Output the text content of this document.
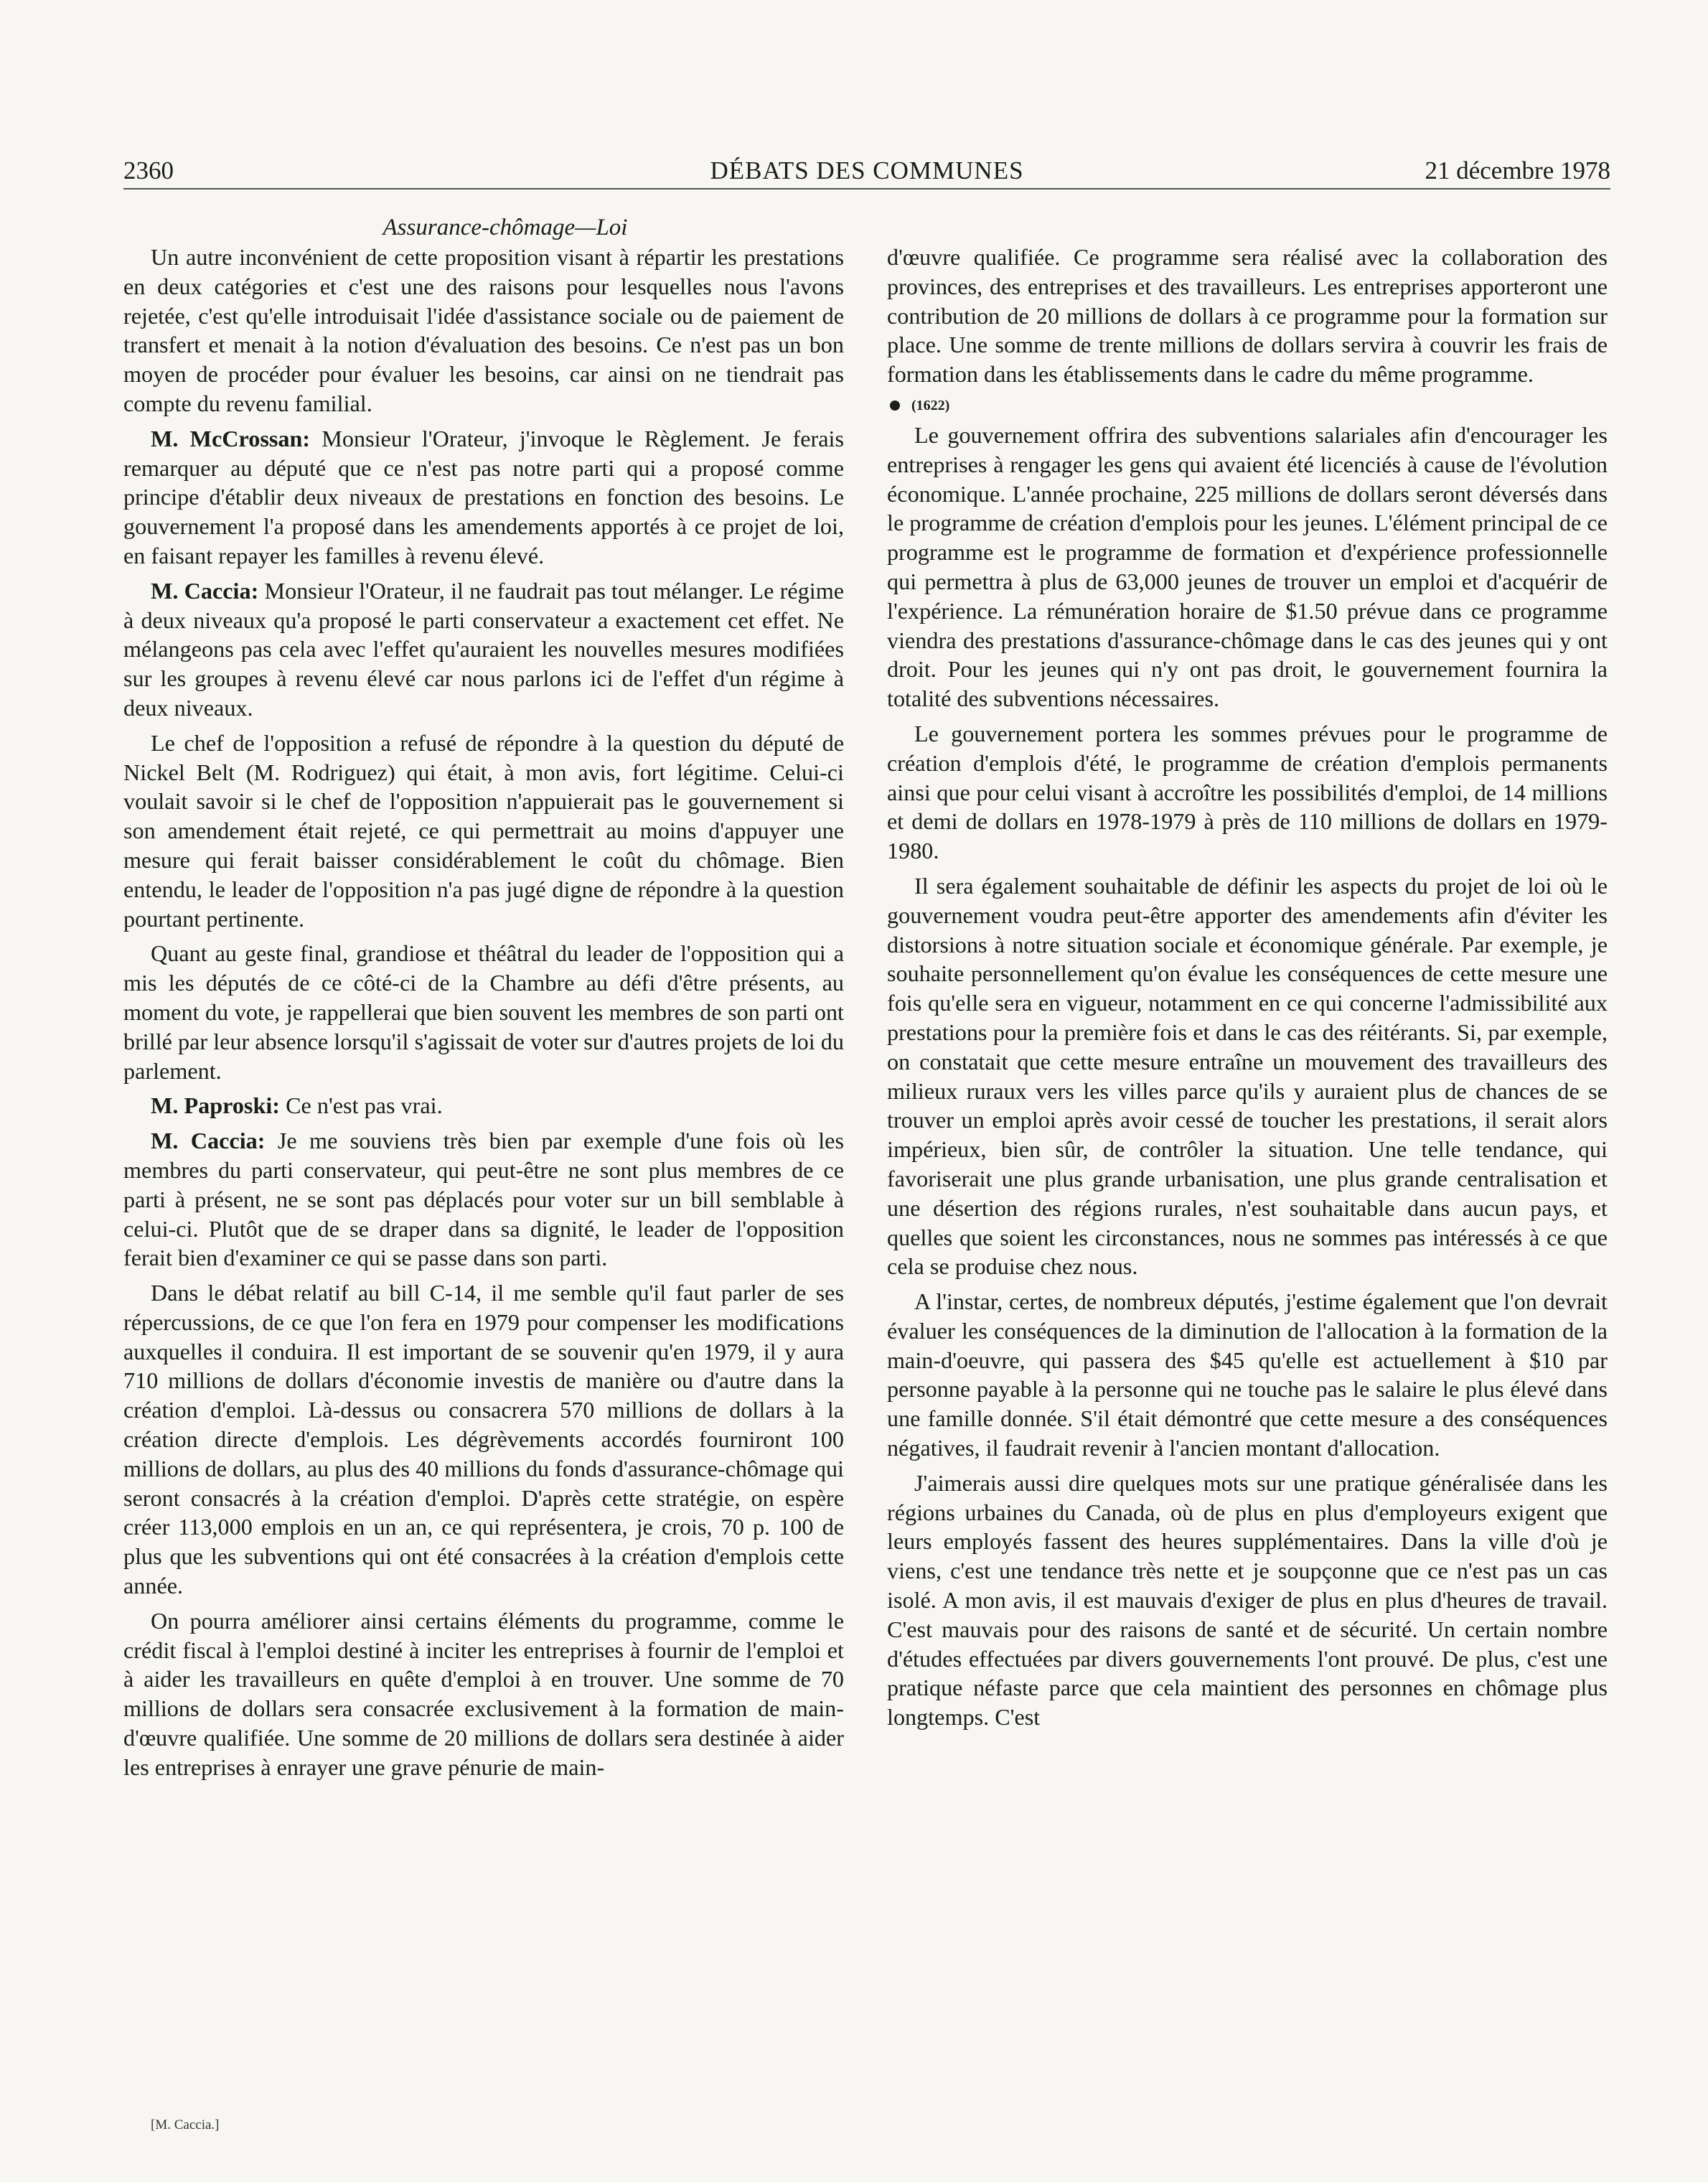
2360	DÉBATS DES COMMUNES	21 décembre 1978
Assurance-chômage—Loi

Un autre inconvénient de cette proposition visant à répartir les prestations en deux catégories et c'est une des raisons pour lesquelles nous l'avons rejetée, c'est qu'elle introduisait l'idée d'assistance sociale ou de paiement de transfert et menait à la notion d'évaluation des besoins. Ce n'est pas un bon moyen de procéder pour évaluer les besoins, car ainsi on ne tiendrait pas compte du revenu familial.

M. McCrossan: Monsieur l'Orateur, j'invoque le Règlement. Je ferais remarquer au député que ce n'est pas notre parti qui a proposé comme principe d'établir deux niveaux de prestations en fonction des besoins. Le gouvernement l'a proposé dans les amendements apportés à ce projet de loi, en faisant repayer les familles à revenu élevé.

M. Caccia: Monsieur l'Orateur, il ne faudrait pas tout mélanger. Le régime à deux niveaux qu'a proposé le parti conservateur a exactement cet effet. Ne mélangeons pas cela avec l'effet qu'auraient les nouvelles mesures modifiées sur les groupes à revenu élevé car nous parlons ici de l'effet d'un régime à deux niveaux.

Le chef de l'opposition a refusé de répondre à la question du député de Nickel Belt (M. Rodriguez) qui était, à mon avis, fort légitime. Celui-ci voulait savoir si le chef de l'opposition n'appuierait pas le gouvernement si son amendement était rejeté, ce qui permettrait au moins d'appuyer une mesure qui ferait baisser considérablement le coût du chômage. Bien entendu, le leader de l'opposition n'a pas jugé digne de répondre à la question pourtant pertinente.

Quant au geste final, grandiose et théâtral du leader de l'opposition qui a mis les députés de ce côté-ci de la Chambre au défi d'être présents, au moment du vote, je rappellerai que bien souvent les membres de son parti ont brillé par leur absence lorsqu'il s'agissait de voter sur d'autres projets de loi du parlement.

M. Paproski: Ce n'est pas vrai.

M. Caccia: Je me souviens très bien par exemple d'une fois où les membres du parti conservateur, qui peut-être ne sont plus membres de ce parti à présent, ne se sont pas déplacés pour voter sur un bill semblable à celui-ci. Plutôt que de se draper dans sa dignité, le leader de l'opposition ferait bien d'examiner ce qui se passe dans son parti.

Dans le débat relatif au bill C-14, il me semble qu'il faut parler de ses répercussions, de ce que l'on fera en 1979 pour compenser les modifications auxquelles il conduira. Il est important de se souvenir qu'en 1979, il y aura 710 millions de dollars d'économie investis de manière ou d'autre dans la création d'emploi. Là-dessus ou consacrera 570 millions de dollars à la création directe d'emplois. Les dégrèvements accordés fourniront 100 millions de dollars, au plus des 40 millions du fonds d'assurance-chômage qui seront consacrés à la création d'emploi. D'après cette stratégie, on espère créer 113,000 emplois en un an, ce qui représentera, je crois, 70 p. 100 de plus que les subventions qui ont été consacrées à la création d'emplois cette année.

On pourra améliorer ainsi certains éléments du programme, comme le crédit fiscal à l'emploi destiné à inciter les entreprises à fournir de l'emploi et à aider les travailleurs en quête d'emploi à en trouver. Une somme de 70 millions de dollars sera consacrée exclusivement à la formation de main-d'œuvre qualifiée. Une somme de 20 millions de dollars sera destinée à aider les entreprises à enrayer une grave pénurie de main-

d'œuvre qualifiée. Ce programme sera réalisé avec la collaboration des provinces, des entreprises et des travailleurs. Les entreprises apporteront une contribution de 20 millions de dollars à ce programme pour la formation sur place. Une somme de trente millions de dollars servira à couvrir les frais de formation dans les établissements dans le cadre du même programme.

(1622)

Le gouvernement offrira des subventions salariales afin d'encourager les entreprises à rengager les gens qui avaient été licenciés à cause de l'évolution économique. L'année prochaine, 225 millions de dollars seront déversés dans le programme de création d'emplois pour les jeunes. L'élément principal de ce programme est le programme de formation et d'expérience professionnelle qui permettra à plus de 63,000 jeunes de trouver un emploi et d'acquérir de l'expérience. La rémunération horaire de $1.50 prévue dans ce programme viendra des prestations d'assurance-chômage dans le cas des jeunes qui y ont droit. Pour les jeunes qui n'y ont pas droit, le gouvernement fournira la totalité des subventions nécessaires.

Le gouvernement portera les sommes prévues pour le programme de création d'emplois d'été, le programme de création d'emplois permanents ainsi que pour celui visant à accroître les possibilités d'emploi, de 14 millions et demi de dollars en 1978-1979 à près de 110 millions de dollars en 1979-1980.

Il sera également souhaitable de définir les aspects du projet de loi où le gouvernement voudra peut-être apporter des amendements afin d'éviter les distorsions à notre situation sociale et économique générale. Par exemple, je souhaite personnellement qu'on évalue les conséquences de cette mesure une fois qu'elle sera en vigueur, notamment en ce qui concerne l'admissibilité aux prestations pour la première fois et dans le cas des réitérants. Si, par exemple, on constatait que cette mesure entraîne un mouvement des travailleurs des milieux ruraux vers les villes parce qu'ils y auraient plus de chances de se trouver un emploi après avoir cessé de toucher les prestations, il serait alors impérieux, bien sûr, de contrôler la situation. Une telle tendance, qui favoriserait une plus grande urbanisation, une plus grande centralisation et une désertion des régions rurales, n'est souhaitable dans aucun pays, et quelles que soient les circonstances, nous ne sommes pas intéressés à ce que cela se produise chez nous.

A l'instar, certes, de nombreux députés, j'estime également que l'on devrait évaluer les conséquences de la diminution de l'allocation à la formation de la main-d'oeuvre, qui passera des $45 qu'elle est actuellement à $10 par personne payable à la personne qui ne touche pas le salaire le plus élevé dans une famille donnée. S'il était démontré que cette mesure a des conséquences négatives, il faudrait revenir à l'ancien montant d'allocation.

J'aimerais aussi dire quelques mots sur une pratique généralisée dans les régions urbaines du Canada, où de plus en plus d'employeurs exigent que leurs employés fassent des heures supplémentaires. Dans la ville d'où je viens, c'est une tendance très nette et je soupçonne que ce n'est pas un cas isolé. A mon avis, il est mauvais d'exiger de plus en plus d'heures de travail. C'est mauvais pour des raisons de santé et de sécurité. Un certain nombre d'études effectuées par divers gouvernements l'ont prouvé. De plus, c'est une pratique néfaste parce que cela maintient des personnes en chômage plus longtemps. C'est

[M. Caccia.]
